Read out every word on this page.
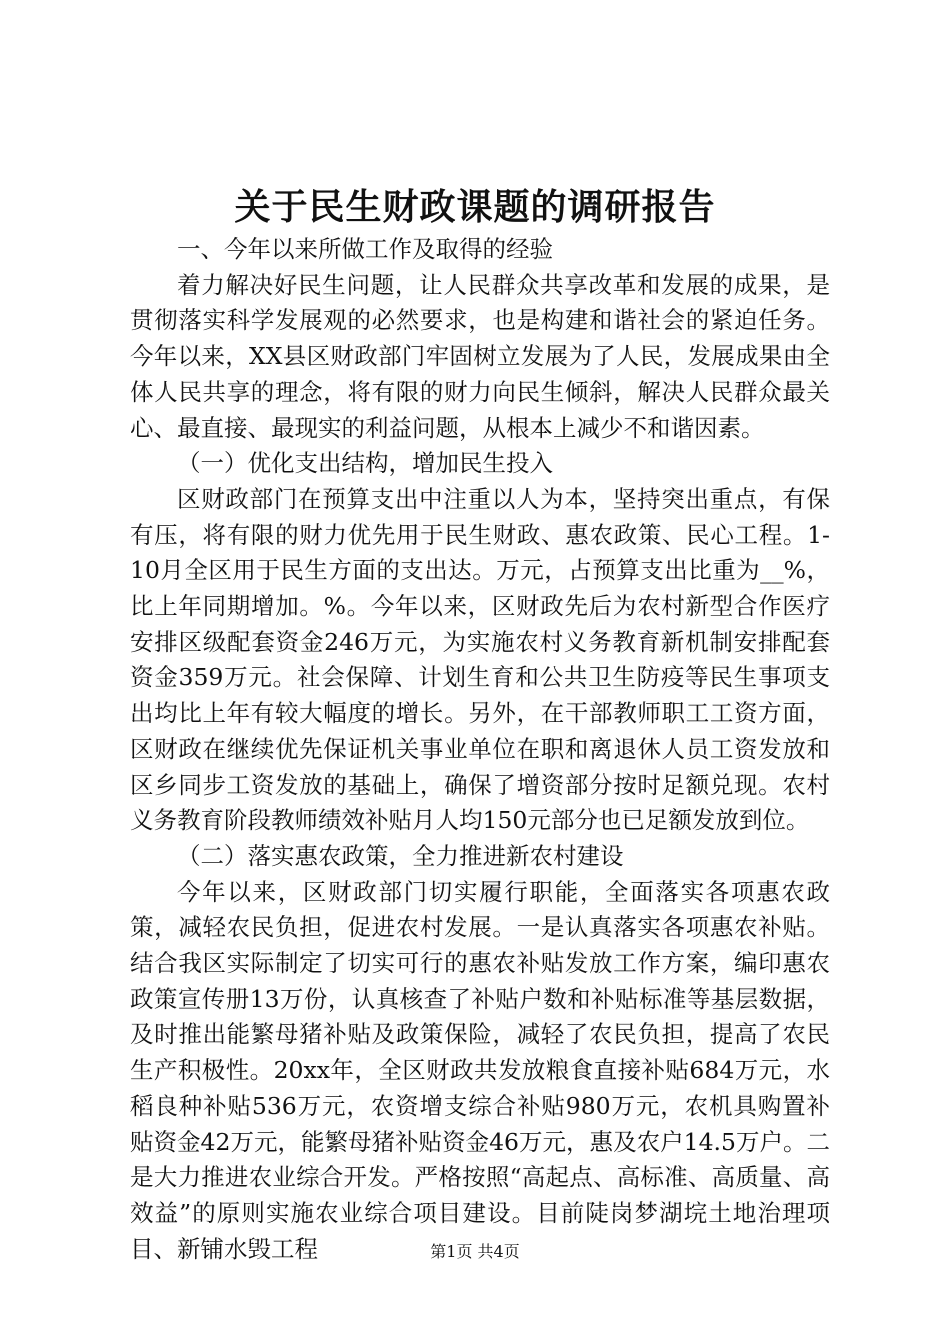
关于民生财政课题的调研报告

一、今年以来所做工作及取得的经验

着力解决好民生问题，让人民群众共享改革和发展的成果，是贯彻落实科学发展观的必然要求，也是构建和谐社会的紧迫任务。今年以来，XX县区财政部门牢固树立发展为了人民，发展成果由全体人民共享的理念，将有限的财力向民生倾斜，解决人民群众最关心、最直接、最现实的利益问题，从根本上减少不和谐因素。

（一）优化支出结构，增加民生投入

区财政部门在预算支出中注重以人为本，坚持突出重点，有保有压，将有限的财力优先用于民生财政、惠农政策、民心工程。1-10月全区用于民生方面的支出达。万元，占预算支出比重为__%，比上年同期增加。%。今年以来，区财政先后为农村新型合作医疗安排区级配套资金246万元，为实施农村义务教育新机制安排配套资金359万元。社会保障、计划生育和公共卫生防疫等民生事项支出均比上年有较大幅度的增长。另外，在干部教师职工工资方面，区财政在继续优先保证机关事业单位在职和离退休人员工资发放和区乡同步工资发放的基础上，确保了增资部分按时足额兑现。农村义务教育阶段教师绩效补贴月人均150元部分也已足额发放到位。

（二）落实惠农政策，全力推进新农村建设

今年以来，区财政部门切实履行职能，全面落实各项惠农政策，减轻农民负担，促进农村发展。一是认真落实各项惠农补贴。结合我区实际制定了切实可行的惠农补贴发放工作方案，编印惠农政策宣传册13万份，认真核查了补贴户数和补贴标准等基层数据，及时推出能繁母猪补贴及政策保险，减轻了农民负担，提高了农民生产积极性。20xx年，全区财政共发放粮食直接补贴684万元，水稻良种补贴536万元，农资增支综合补贴980万元，农机具购置补贴资金42万元，能繁母猪补贴资金46万元，惠及农户14.5万户。二是大力推进农业综合开发。严格按照“高起点、高标准、高质量、高效益”的原则实施农业综合项目建设。目前陡岗梦湖垸土地治理项目、新铺水毁工程	第1页 共4页
